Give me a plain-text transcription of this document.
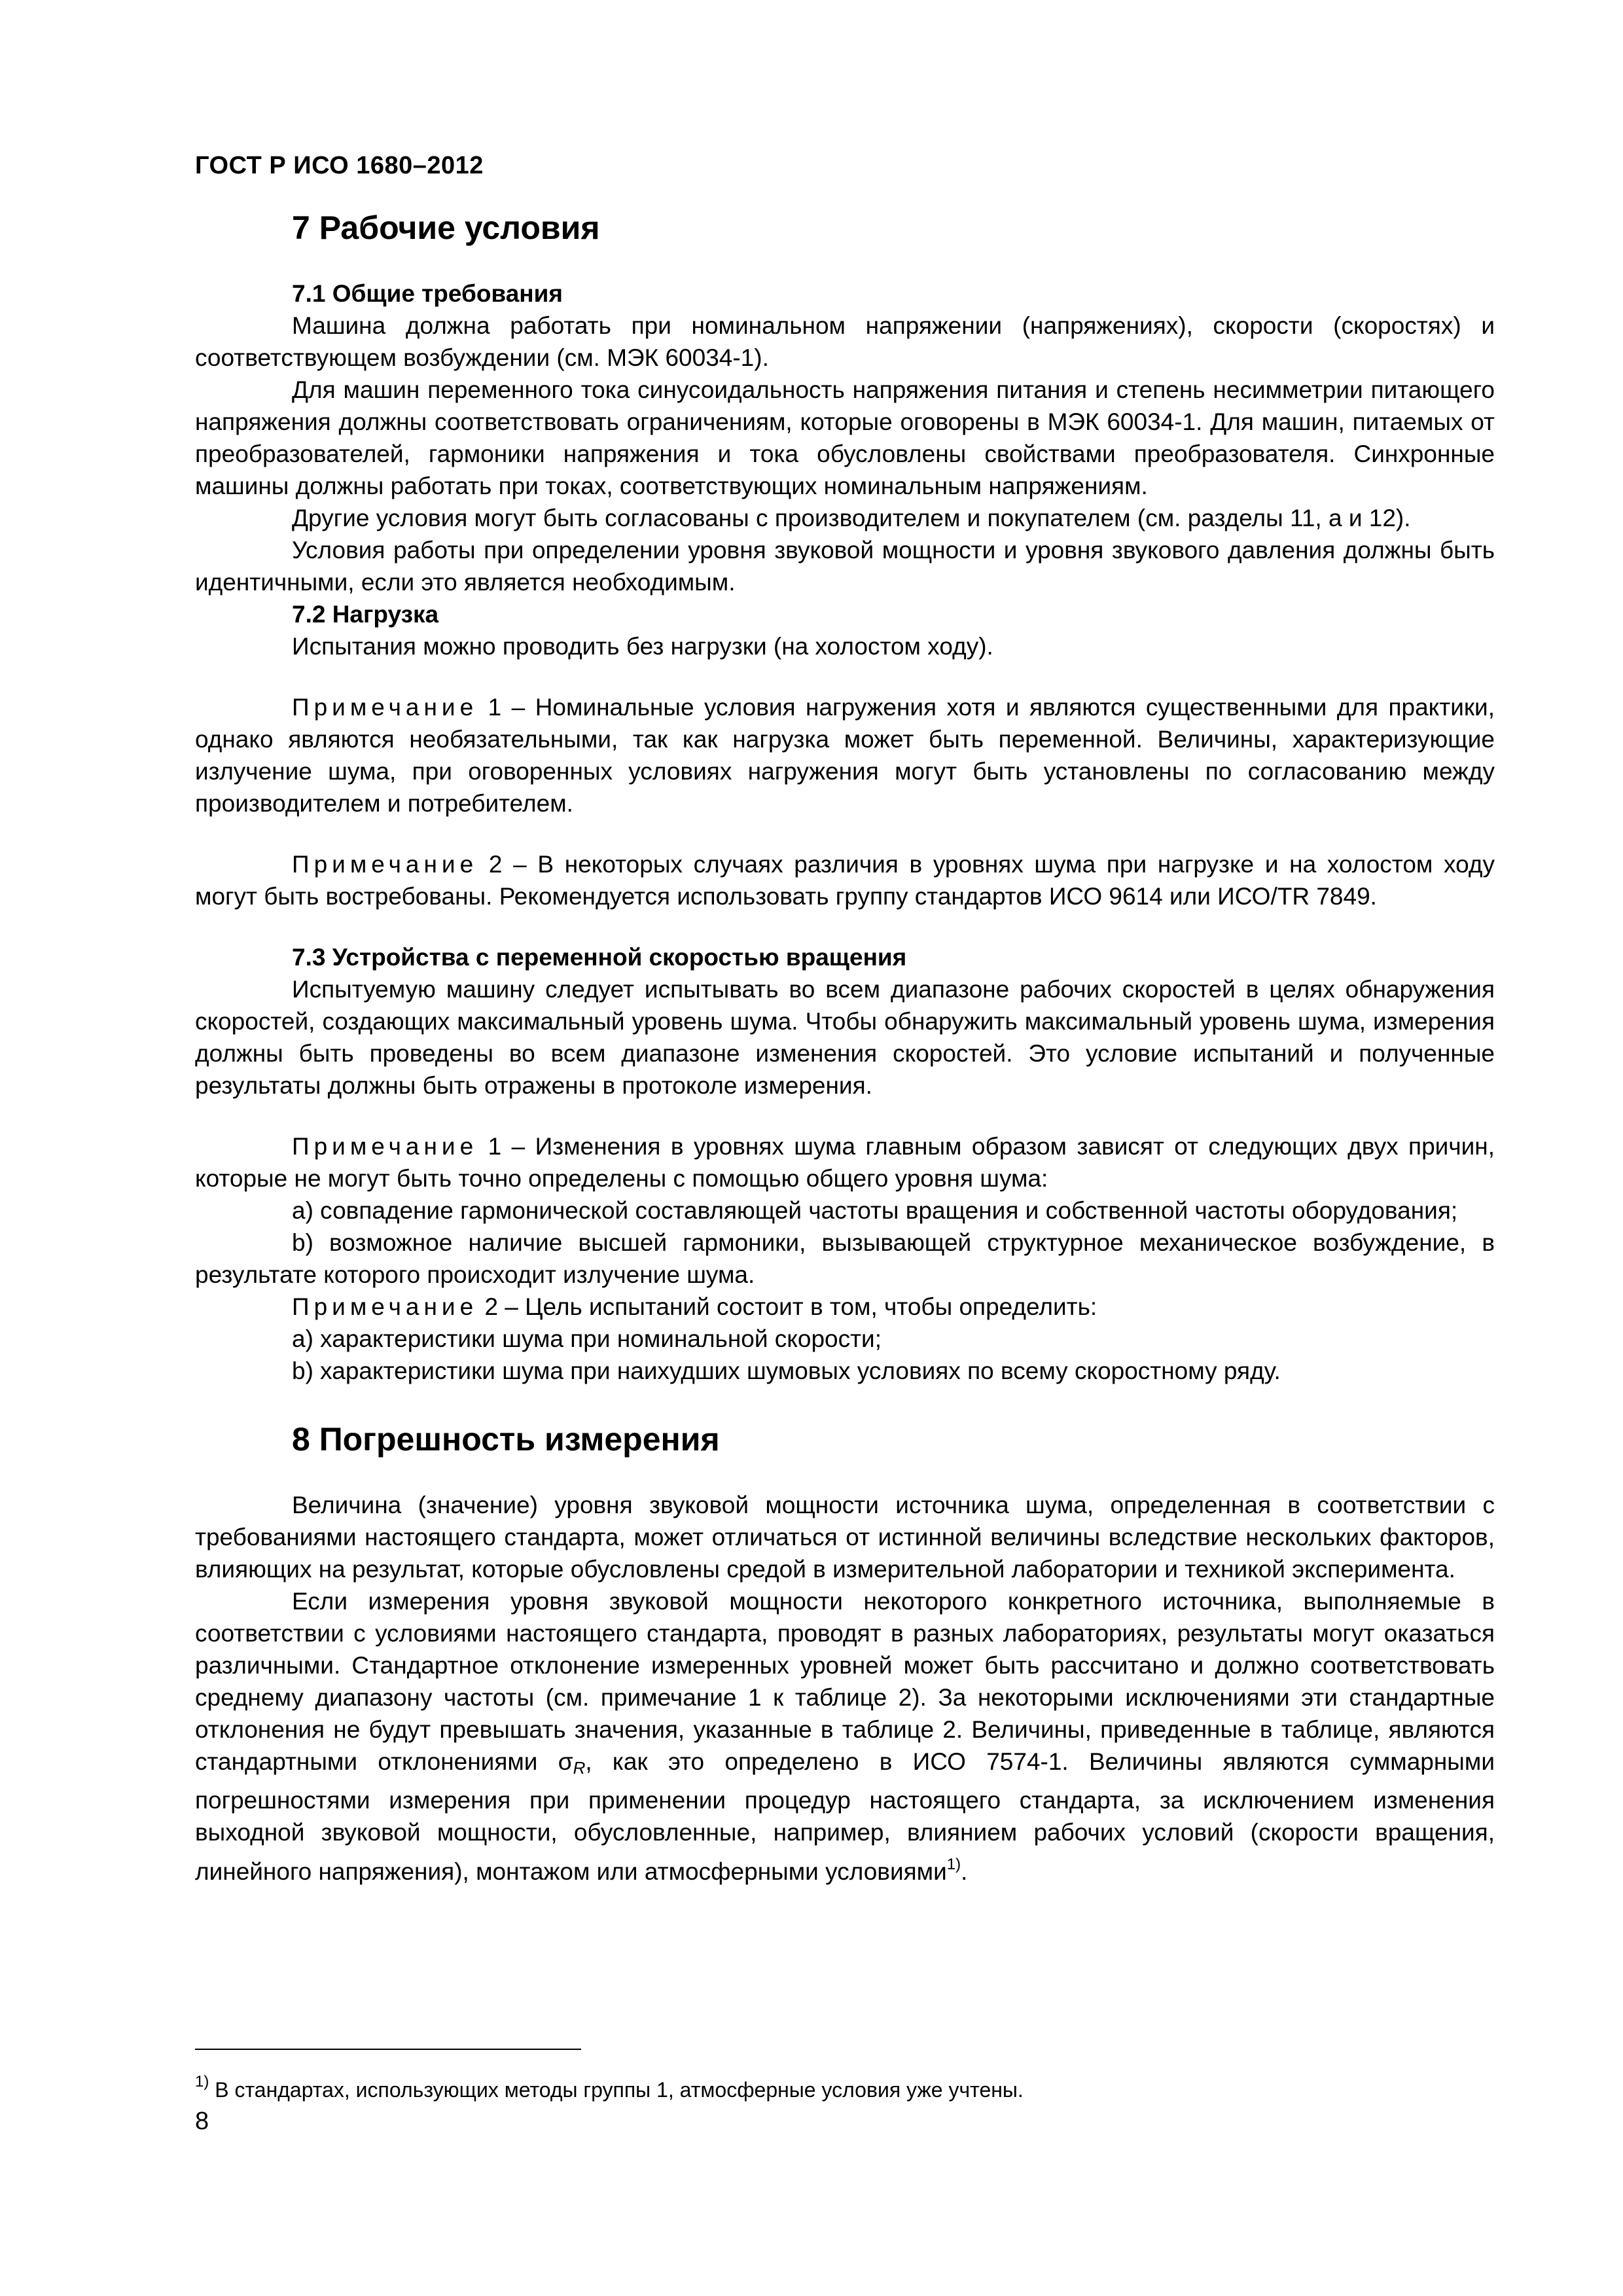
ГОСТ Р ИСО 1680–2012
7 Рабочие условия
7.1 Общие требования

Машина должна работать при номинальном напряжении (напряжениях), скорости (скоростях) и соответствующем возбуждении (см. МЭК 60034-1).

Для машин переменного тока синусоидальность напряжения питания и степень несимметрии питающего напряжения должны соответствовать ограничениям, которые оговорены в МЭК 60034-1. Для машин, питаемых от преобразователей, гармоники напряжения и тока обусловлены свойствами преобразователя. Синхронные машины должны работать при токах, соответствующих номинальным напряжениям.

Другие условия могут быть согласованы с производителем и покупателем (см. разделы 11, a и 12).

Условия работы при определении уровня звуковой мощности и уровня звукового давления должны быть идентичными, если это является необходимым.

7.2 Нагрузка

Испытания можно проводить без нагрузки (на холостом ходу).

Примечание 1 – Номинальные условия нагружения хотя и являются существенными для практики, однако являются необязательными, так как нагрузка может быть переменной. Величины, характеризующие излучение шума, при оговоренных условиях нагружения могут быть установлены по согласованию между производителем и потребителем.

Примечание 2 – В некоторых случаях различия в уровнях шума при нагрузке и на холостом ходу могут быть востребованы. Рекомендуется использовать группу стандартов ИСО 9614 или ИСО/TR 7849.

7.3 Устройства с переменной скоростью вращения

Испытуемую машину следует испытывать во всем диапазоне рабочих скоростей в целях обнаружения скоростей, создающих максимальный уровень шума. Чтобы обнаружить максимальный уровень шума, измерения должны быть проведены во всем диапазоне изменения скоростей. Это условие испытаний и полученные результаты должны быть отражены в протоколе измерения.

Примечание 1 – Изменения в уровнях шума главным образом зависят от следующих двух причин, которые не могут быть точно определены с помощью общего уровня шума:

а) совпадение гармонической составляющей частоты вращения и собственной частоты оборудования;

b) возможное наличие высшей гармоники, вызывающей структурное механическое возбуждение, в результате которого происходит излучение шума.

Примечание 2 – Цель испытаний состоит в том, чтобы определить:

а) характеристики шума при номинальной скорости;

b) характеристики шума при наихудших шумовых условиях по всему скоростному ряду.

8 Погрешность измерения

Величина (значение) уровня звуковой мощности источника шума, определенная в соответствии с требованиями настоящего стандарта, может отличаться от истинной величины вследствие нескольких факторов, влияющих на результат, которые обусловлены средой в измерительной лаборатории и техникой эксперимента.

Если измерения уровня звуковой мощности некоторого конкретного источника, выполняемые в соответствии с условиями настоящего стандарта, проводят в разных лабораториях, результаты могут оказаться различными. Стандартное отклонение измеренных уровней может быть рассчитано и должно соответствовать среднему диапазону частоты (см. примечание 1 к таблице 2). За некоторыми исключениями эти стандартные отклонения не будут превышать значения, указанные в таблице 2. Величины, приведенные в таблице, являются стандартными отклонениями $\sigma_R$, как это определено в ИСО 7574-1. Величины являются суммарными погрешностями измерения при применении процедур настоящего стандарта, за исключением изменения выходной звуковой мощности, обусловленные, например, влиянием рабочих условий (скорости вращения, линейного напряжения), монтажом или атмосферными условиями$^{1)}$.

$^{1)}$ В стандартах, использующих методы группы 1, атмосферные условия уже учтены.
8
